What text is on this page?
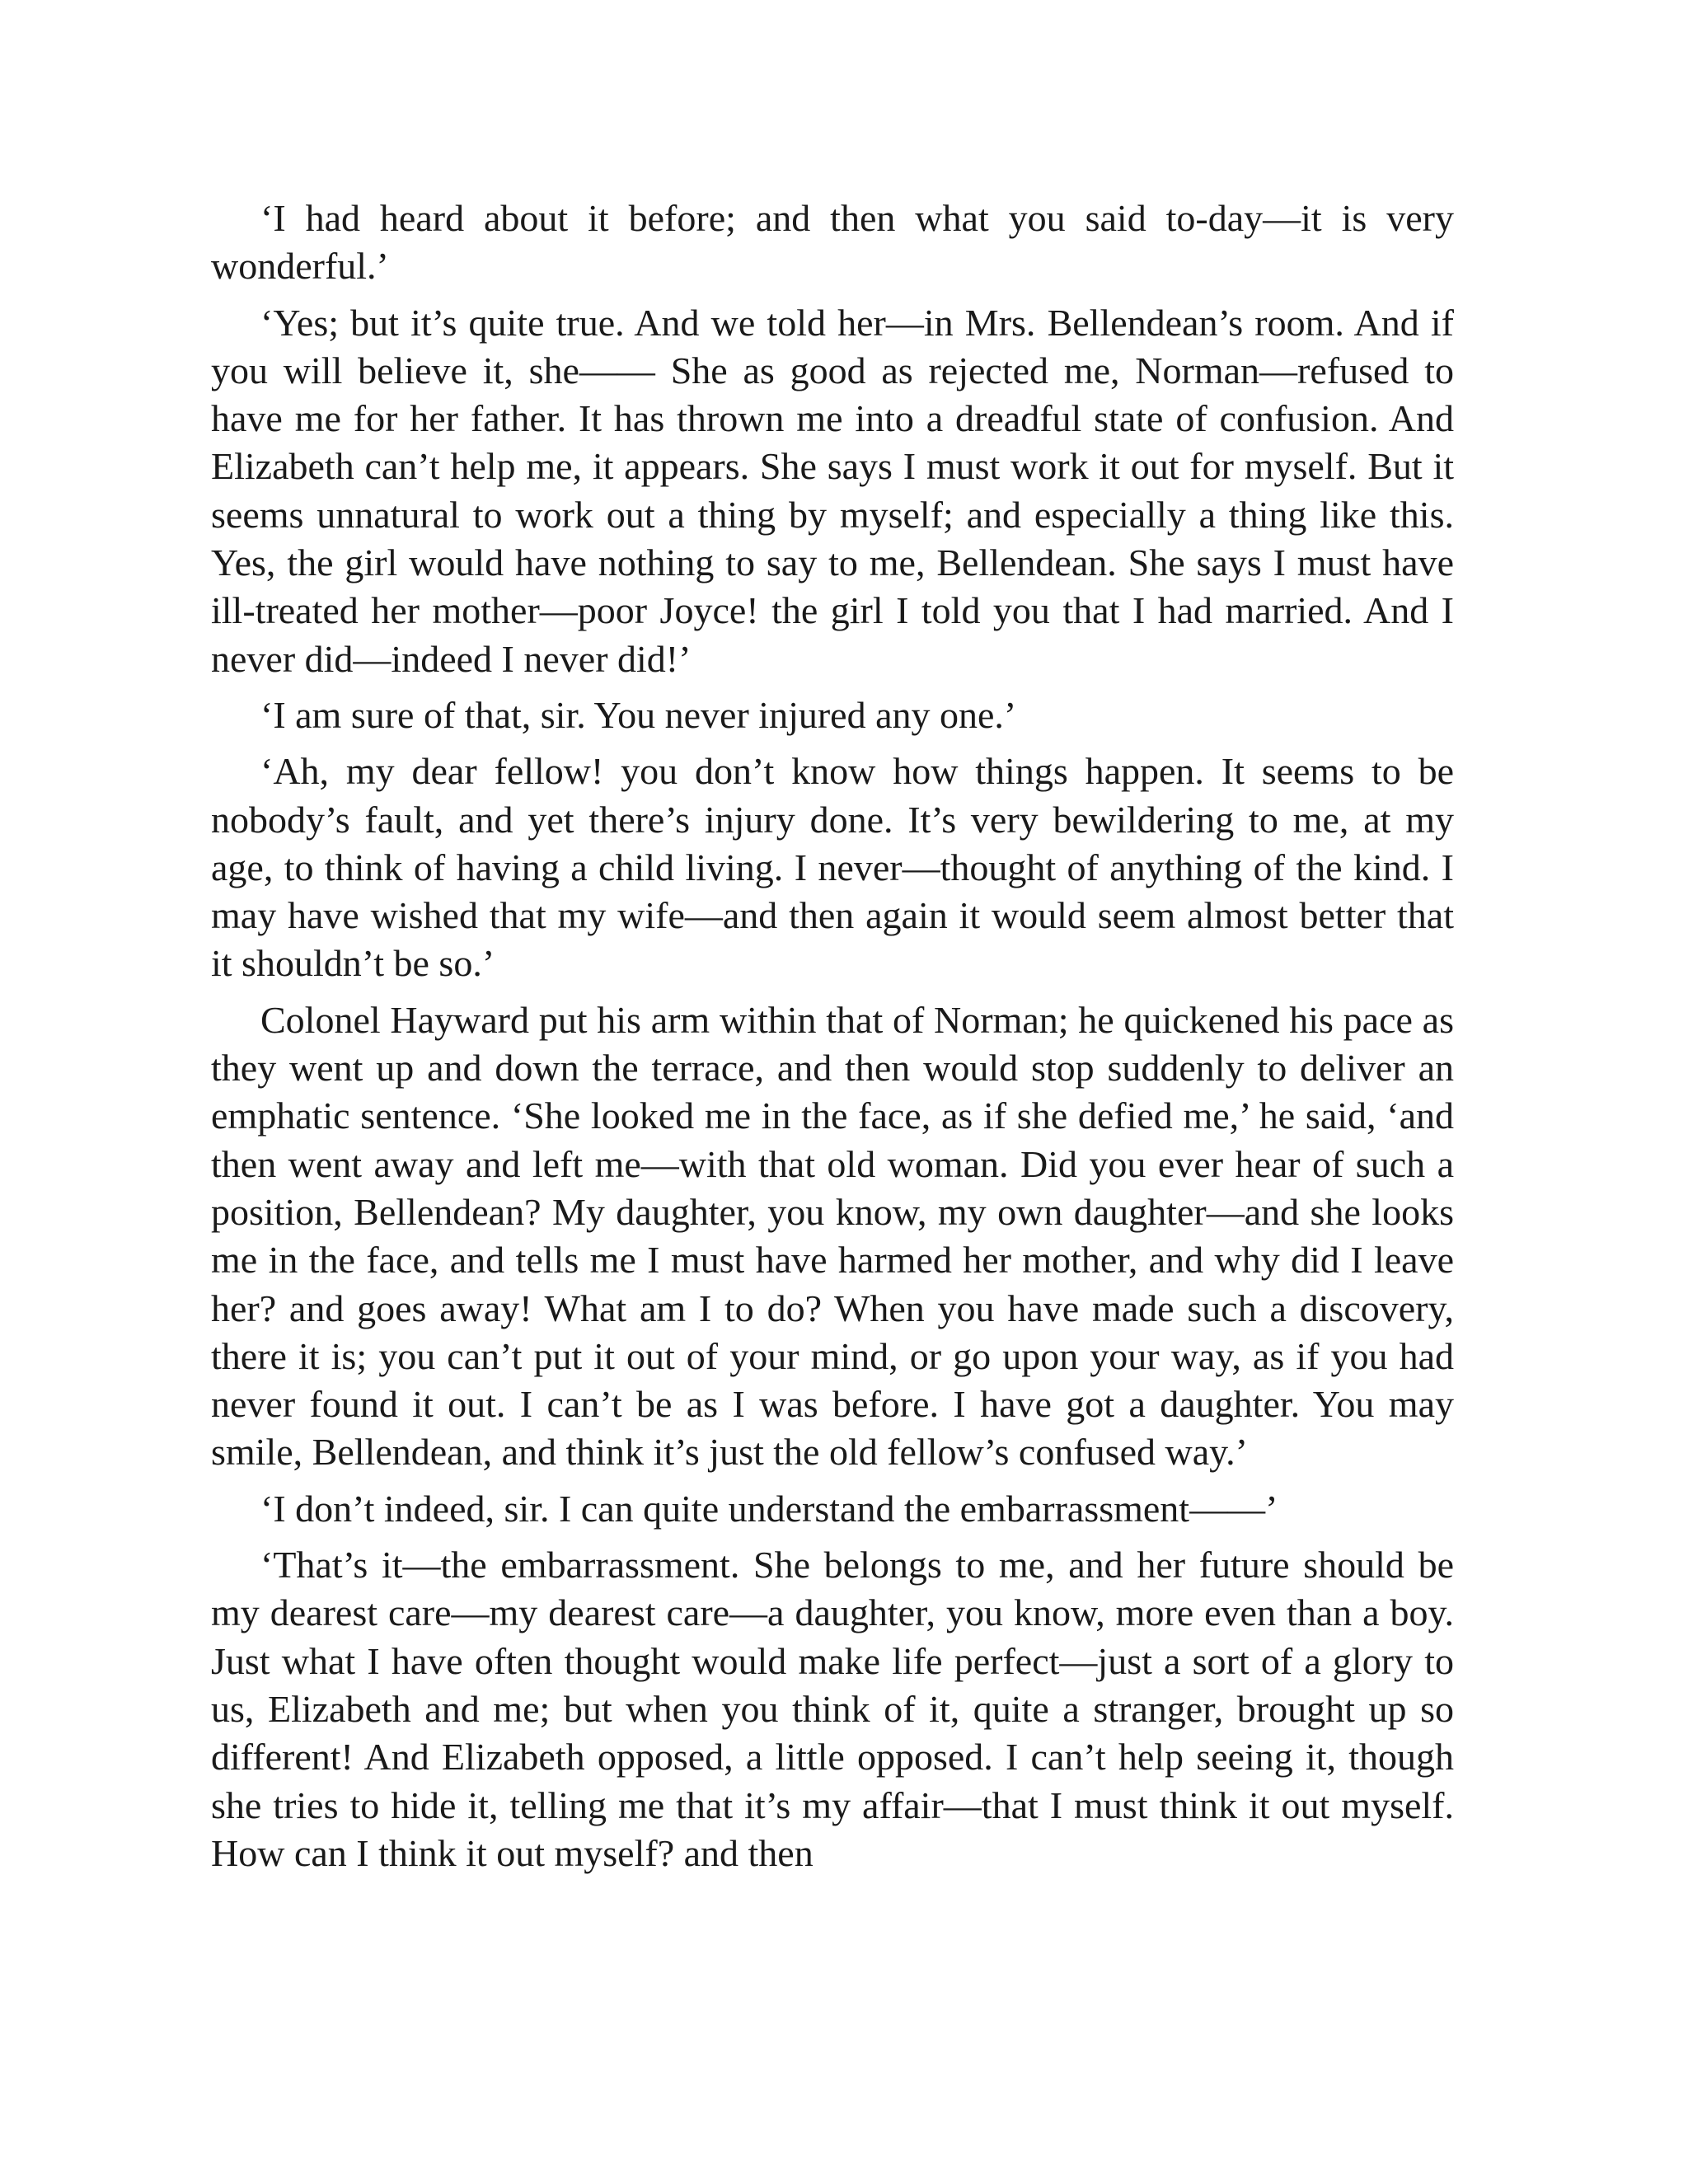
‘I had heard about it before; and then what you said to-day—it is very wonderful.’

‘Yes; but it’s quite true. And we told her—in Mrs. Bellendean’s room. And if you will believe it, she—— She as good as rejected me, Norman—refused to have me for her father. It has thrown me into a dreadful state of confusion. And Elizabeth can’t help me, it appears. She says I must work it out for myself. But it seems unnatural to work out a thing by myself; and especially a thing like this. Yes, the girl would have nothing to say to me, Bellendean. She says I must have ill-treated her mother—poor Joyce! the girl I told you that I had married. And I never did—indeed I never did!’

‘I am sure of that, sir. You never injured any one.’

‘Ah, my dear fellow! you don’t know how things happen. It seems to be nobody’s fault, and yet there’s injury done. It’s very bewildering to me, at my age, to think of having a child living. I never—thought of anything of the kind. I may have wished that my wife—and then again it would seem almost better that it shouldn’t be so.’

Colonel Hayward put his arm within that of Norman; he quickened his pace as they went up and down the terrace, and then would stop suddenly to deliver an emphatic sentence. ‘She looked me in the face, as if she defied me,’ he said, ‘and then went away and left me—with that old woman. Did you ever hear of such a position, Bellendean? My daughter, you know, my own daughter—and she looks me in the face, and tells me I must have harmed her mother, and why did I leave her? and goes away! What am I to do? When you have made such a discovery, there it is; you can’t put it out of your mind, or go upon your way, as if you had never found it out. I can’t be as I was before. I have got a daughter. You may smile, Bellendean, and think it’s just the old fellow’s confused way.’

‘I don’t indeed, sir. I can quite understand the embarrassment——’

‘That’s it—the embarrassment. She belongs to me, and her future should be my dearest care—my dearest care—a daughter, you know, more even than a boy. Just what I have often thought would make life perfect—just a sort of a glory to us, Elizabeth and me; but when you think of it, quite a stranger, brought up so different! And Elizabeth opposed, a little opposed. I can’t help seeing it, though she tries to hide it, telling me that it’s my affair—that I must think it out myself. How can I think it out myself? and then
